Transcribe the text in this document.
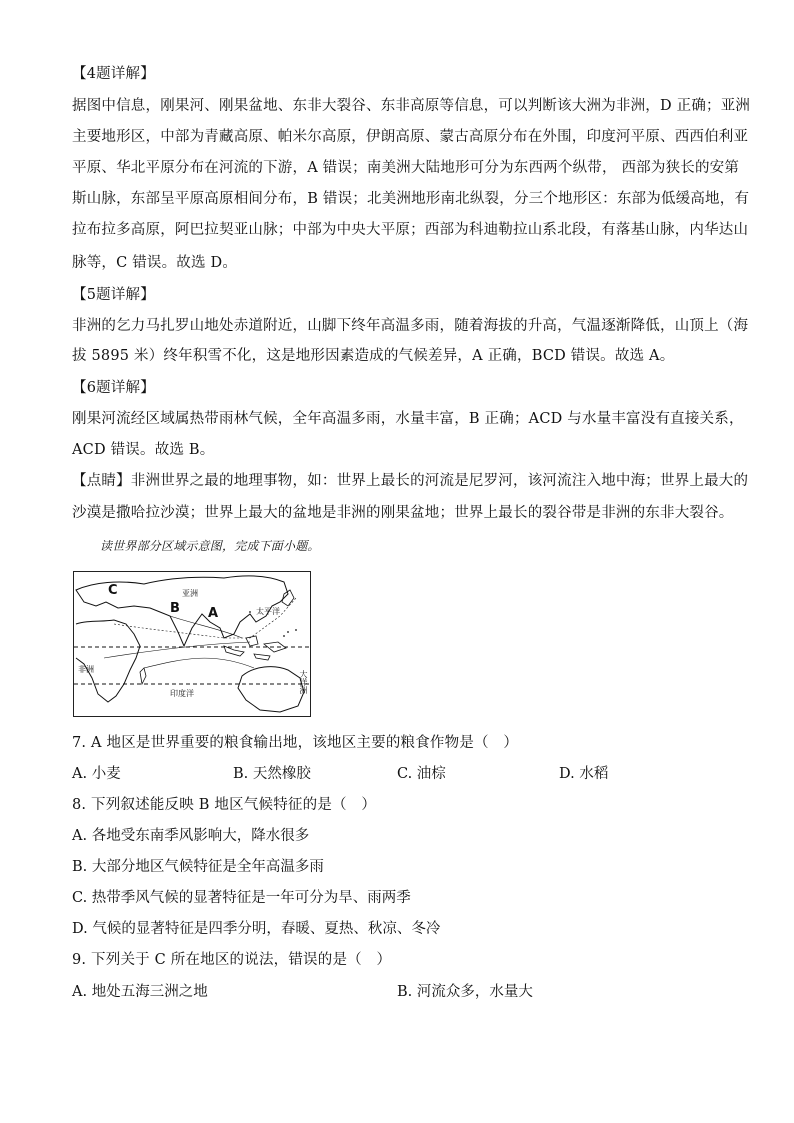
【4题详解】
据图中信息，刚果河、刚果盆地、东非大裂谷、东非高原等信息，可以判断该大洲为非洲，D 正确；亚洲
主要地形区，中部为青藏高原、帕米尔高原，伊朗高原、蒙古高原分布在外围，印度河平原、西西伯利亚
平原、华北平原分布在河流的下游，A 错误；南美洲大陆地形可分为东西两个纵带， 西部为狭长的安第
斯山脉，东部呈平原高原相间分布，B 错误；北美洲地形南北纵裂，分三个地形区：东部为低缓高地，有
拉布拉多高原，阿巴拉契亚山脉；中部为中央大平原；西部为科迪勒拉山系北段，有落基山脉，内华达山
脉等，C 错误。故选 D。
【5题详解】
非洲的乞力马扎罗山地处赤道附近，山脚下终年高温多雨，随着海拔的升高，气温逐渐降低，山顶上（海
拔 5895 米）终年积雪不化，这是地形因素造成的气候差异，A 正确，BCD 错误。故选 A。
【6题详解】
刚果河流经区域属热带雨林气候，全年高温多雨，水量丰富，B 正确；ACD 与水量丰富没有直接关系，
ACD 错误。故选 B。
【点睛】非洲世界之最的地理事物，如：世界上最长的河流是尼罗河，该河流注入地中海；世界上最大的
沙漠是撒哈拉沙漠；世界上最大的盆地是非洲的刚果盆地；世界上最长的裂谷带是非洲的东非大裂谷。
读世界部分区域示意图，完成下面小题。
亚洲
太平洋
非洲
印度洋	大洋洲
C
B A
7. A 地区是世界重要的粮食输出地，该地区主要的粮食作物是（　）
A. 小麦	B. 天然橡胶	C. 油棕	D. 水稻
8. 下列叙述能反映 B 地区气候特征的是（　）
A. 各地受东南季风影响大，降水很多
B. 大部分地区气候特征是全年高温多雨
C. 热带季风气候的显著特征是一年可分为旱、雨两季
D. 气候的显著特征是四季分明，春暖、夏热、秋凉、冬冷
9. 下列关于 C 所在地区的说法，错误的是（　）
A. 地处五海三洲之地	B. 河流众多，水量大
